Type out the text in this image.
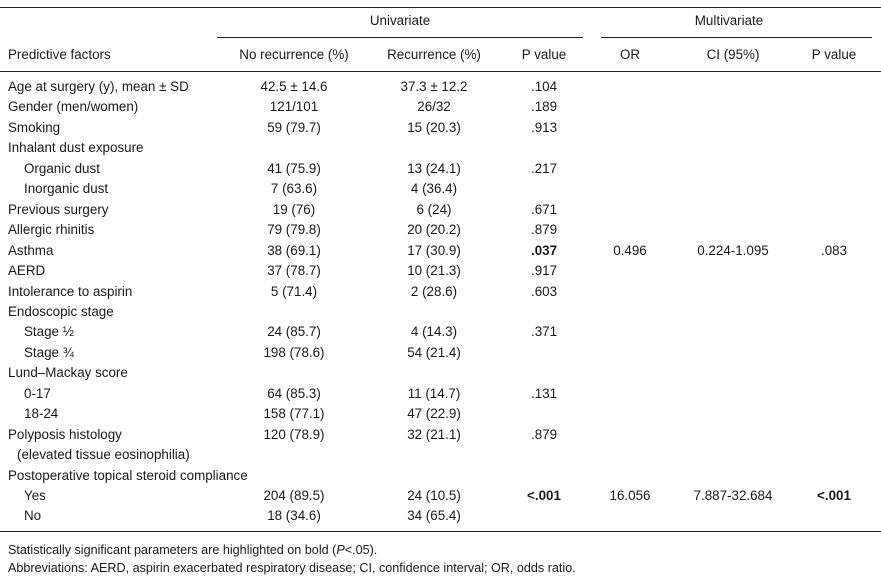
Univariate	Multivariate
Predictive factors	No recurrence (%)	Recurrence (%)	P value	OR	CI (95%)	P value
Age at surgery (y), mean ± SD	42.5 ± 14.6	37.3 ± 12.2	.104
Gender (men/women)	121/101	26/32	.189
Smoking	59 (79.7)	15 (20.3)	.913
Inhalant dust exposure
Organic dust	41 (75.9)	13 (24.1)	.217
Inorganic dust	7 (63.6)	4 (36.4)
Previous surgery	19 (76)	6 (24)	.671
Allergic rhinitis	79 (79.8)	20 (20.2)	.879
Asthma	38 (69.1)	17 (30.9)	.037	0.496	0.224-1.095	.083
AERD	37 (78.7)	10 (21.3)	.917
Intolerance to aspirin	5 (71.4)	2 (28.6)	.603
Endoscopic stage
Stage ½	24 (85.7)	4 (14.3)	.371
Stage ¾	198 (78.6)	54 (21.4)
Lund–Mackay score
0-17	64 (85.3)	11 (14.7)	.131
18-24	158 (77.1)	47 (22.9)
Polyposis histology	120 (78.9)	32 (21.1)	.879
(elevated tissue eosinophilia)
Postoperative topical steroid compliance
Yes	204 (89.5)	24 (10.5)	<.001	16.056	7.887-32.684	<.001
No	18 (34.6)	34 (65.4)
Statistically significant parameters are highlighted on bold (P<.05).
Abbreviations: AERD, aspirin exacerbated respiratory disease; CI, confidence interval; OR, odds ratio.
